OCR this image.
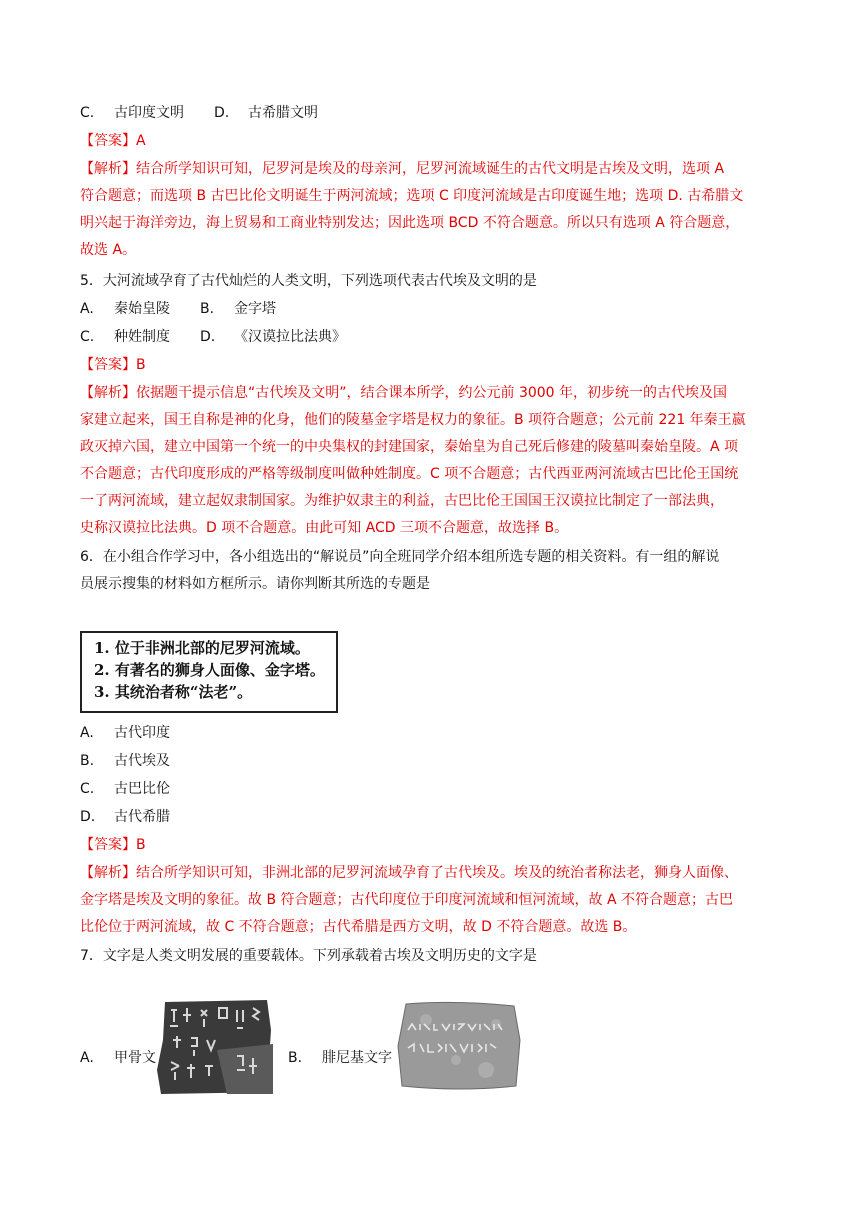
C. 古印度文明 D. 古希腊文明

【答案】A

【解析】结合所学知识可知，尼罗河是埃及的母亲河，尼罗河流域诞生的古代文明是古埃及文明，选项 A
符合题意；而选项 B 古巴比伦文明诞生于两河流域；选项 C 印度河流域是古印度诞生地；选项 D. 古希腊文
明兴起于海洋旁边，海上贸易和工商业特别发达；因此选项 BCD 不符合题意。所以只有选项 A 符合题意，
故选 A。

5．大河流域孕育了古代灿烂的人类文明，下列选项代表古代埃及文明的是

A. 秦始皇陵 B. 金字塔
C. 种姓制度 D. 《汉谟拉比法典》

【答案】B

【解析】依据题干提示信息“古代埃及文明”，结合课本所学，约公元前 3000 年，初步统一的古代埃及国
家建立起来，国王自称是神的化身，他们的陵墓金字塔是权力的象征。B 项符合题意；公元前 221 年秦王嬴
政灭掉六国，建立中国第一个统一的中央集权的封建国家，秦始皇为自己死后修建的陵墓叫秦始皇陵。A 项
不合题意；古代印度形成的严格等级制度叫做种姓制度。C 项不合题意；古代西亚两河流域古巴比伦王国统
一了两河流域，建立起奴隶制国家。为维护奴隶主的利益，古巴比伦王国国王汉谟拉比制定了一部法典，
史称汉谟拉比法典。D 项不合题意。由此可知 ACD 三项不合题意，故选择 B。

6．在小组合作学习中，各小组选出的“解说员”向全班同学介绍本组所选专题的相关资料。有一组的解说
员展示搜集的材料如方框所示。请你判断其所选的专题是

1. 位于非洲北部的尼罗河流域。
2. 有著名的狮身人面像、金字塔。
3. 其统治者称“法老”。
A. 古代印度
B. 古代埃及
C. 古巴比伦
D. 古代希腊

【答案】B

【解析】结合所学知识可知，非洲北部的尼罗河流域孕育了古代埃及。埃及的统治者称法老，狮身人面像、
金字塔是埃及文明的象征。故 B 符合题意；古代印度位于印度河流域和恒河流域，故 A 不符合题意；古巴
比伦位于两河流域，故 C 不符合题意；古代希腊是西方文明，故 D 不符合题意。故选 B。

7．文字是人类文明发展的重要载体。下列承载着古埃及文明历史的文字是

A. 甲骨文	B. 腓尼基文字
